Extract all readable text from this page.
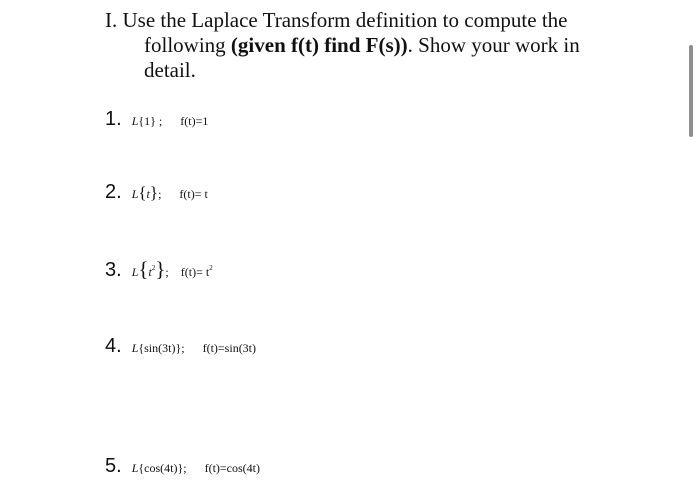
I. Use the Laplace Transform definition to compute the
following (given f(t) find F(s)). Show your work in
detail.
1. L{1} ; f(t)=1
2. L{t}; f(t)= t
3. $L\{t^2\}$; $f(t)= t^2$
4. L{sin(3t)}; f(t)=sin(3t)
5. L{cos(4t)}; f(t)=cos(4t)
